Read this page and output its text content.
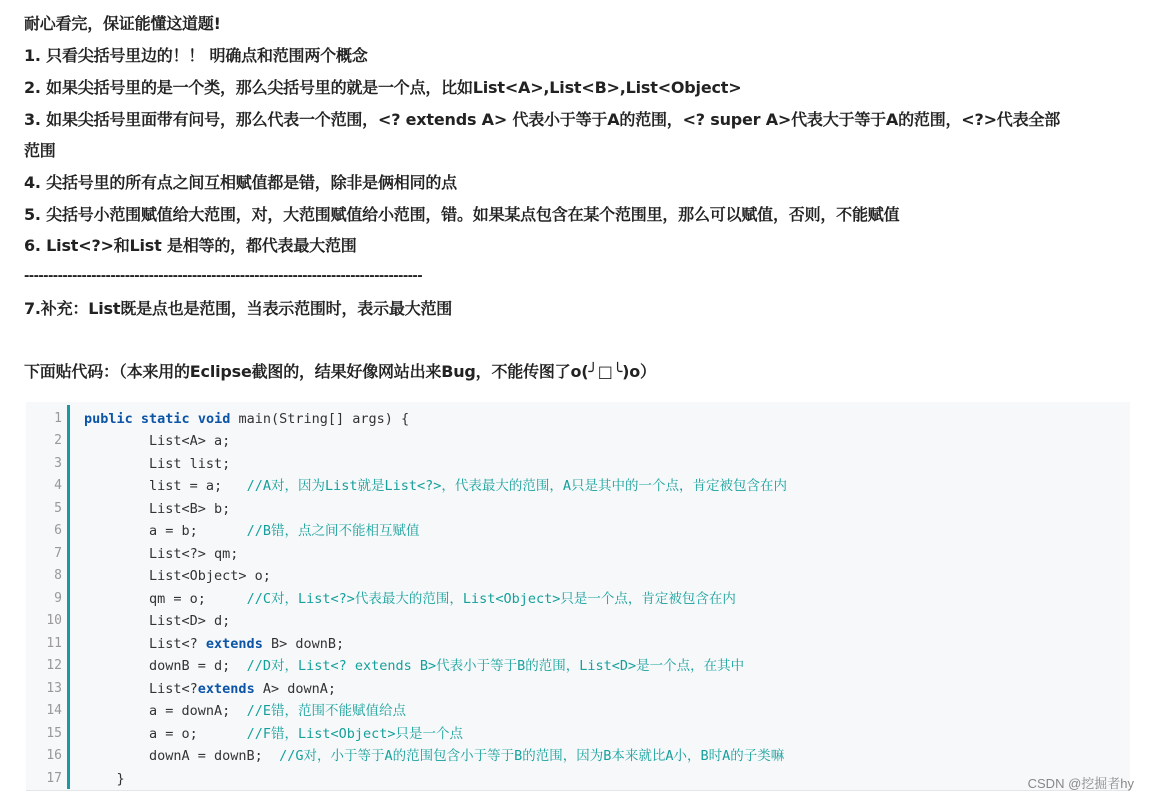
耐心看完，保证能懂这道题!
1. 只看尖括号里边的！！ 明确点和范围两个概念
2. 如果尖括号里的是一个类，那么尖括号里的就是一个点，比如List<A>,List<B>,List<Object>
3. 如果尖括号里面带有问号，那么代表一个范围，<? extends A> 代表小于等于A的范围，<? super A>代表大于等于A的范围，<?>代表全部
范围
4. 尖括号里的所有点之间互相赋值都是错，除非是俩相同的点
5. 尖括号小范围赋值给大范围，对，大范围赋值给小范围，错。如果某点包含在某个范围里，那么可以赋值，否则，不能赋值
6. List<?>和List 是相等的，都代表最大范围
-----------------------------------------------------------------------------------
7.补充：List既是点也是范围，当表示范围时，表示最大范围
下面贴代码：（本来用的Eclipse截图的，结果好像网站出来Bug，不能传图了o(╯□╰)o）
1
2
3
4
5
6
7
8
9
10
11
12
13
14
15
16
17
public static void main(String[] args) {
List<A> a;
List list;
list = a;   //A对，因为List就是List<?>，代表最大的范围，A只是其中的一个点，肯定被包含在内
List<B> b;
a = b;      //B错，点之间不能相互赋值
List<?> qm;
List<Object> o;
qm = o;     //C对，List<?>代表最大的范围，List<Object>只是一个点，肯定被包含在内
List<D> d;
List<? extends B> downB;
downB = d;  //D对，List<? extends B>代表小于等于B的范围，List<D>是一个点，在其中
List<?extends A> downA;
a = downA;  //E错，范围不能赋值给点
a = o;      //F错，List<Object>只是一个点
downA = downB;  //G对，小于等于A的范围包含小于等于B的范围，因为B本来就比A小，B时A的子类嘛
}	CSDN @挖掘者hy
